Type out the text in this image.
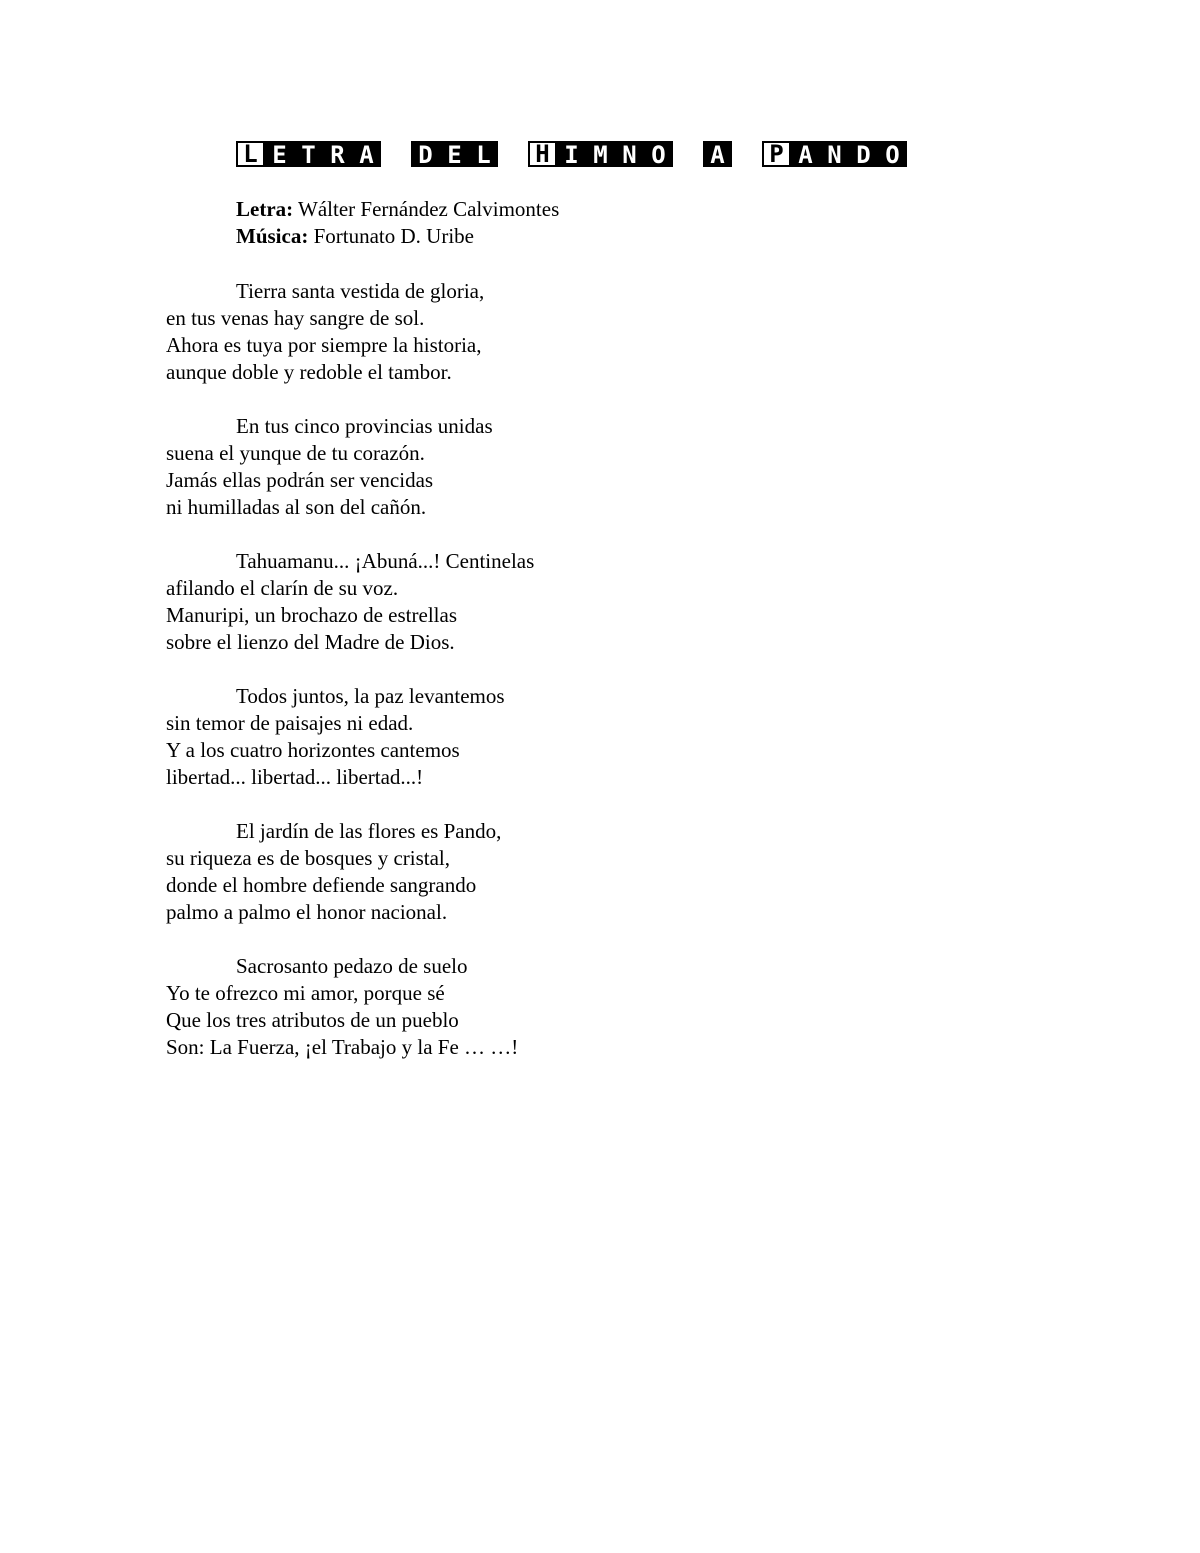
L E T R A	D E L	H I M N O	A	P A N D O
Letra: Wálter Fernández Calvimontes
Música: Fortunato D. Uribe
Tierra santa vestida de gloria,
en tus venas hay sangre de sol.
Ahora es tuya por siempre la historia,
aunque doble y redoble el tambor.
En tus cinco provincias unidas
suena el yunque de tu corazón.
Jamás ellas podrán ser vencidas
ni humilladas al son del cañón.
Tahuamanu... ¡Abuná...! Centinelas
afilando el clarín de su voz.
Manuripi, un brochazo de estrellas
sobre el lienzo del Madre de Dios.
Todos juntos, la paz levantemos
sin temor de paisajes ni edad.
Y a los cuatro horizontes cantemos
libertad... libertad... libertad...!
El jardín de las flores es Pando,
su riqueza es de bosques y cristal,
donde el hombre defiende sangrando
palmo a palmo el honor nacional.
Sacrosanto pedazo de suelo
Yo te ofrezco mi amor, porque sé
Que los tres atributos de un pueblo
Son: La Fuerza, ¡el Trabajo y la Fe … …!
